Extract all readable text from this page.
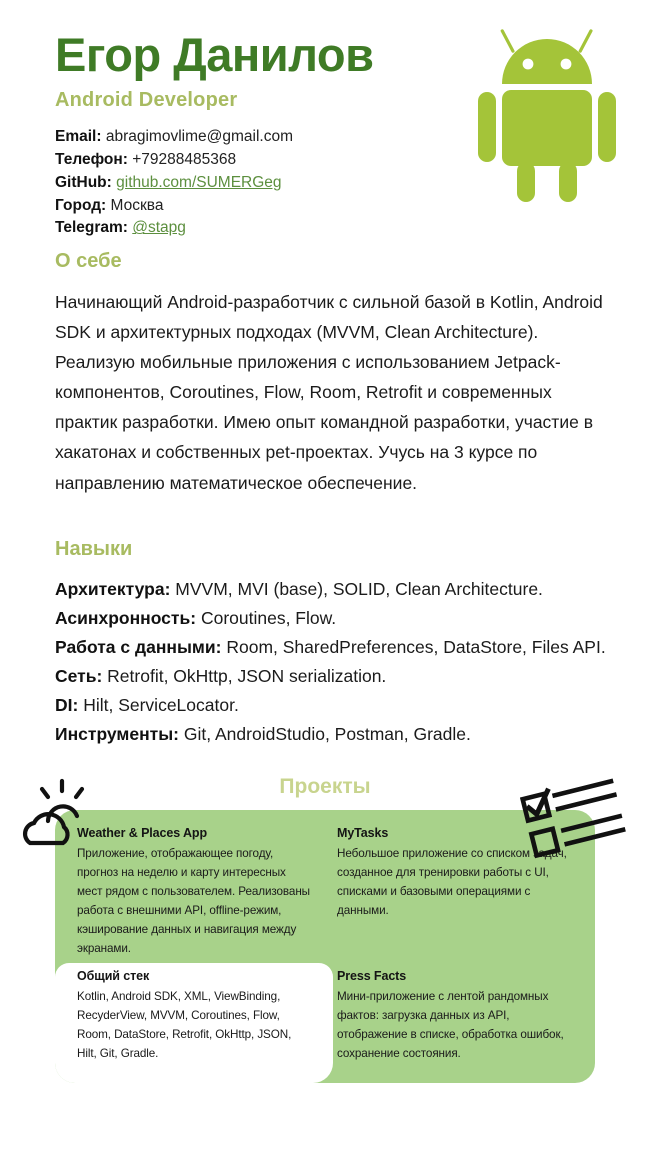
Егор Данилов
Android Developer
Email: abragimovlime@gmail.com
Телефон: +79288485368
GitHub: github.com/SUMERGeg
Город: Москва
Telegram: @stapg
О себе
Начинающий Android-разработчик с сильной базой в Kotlin, Android SDK и архитектурных подходах (MVVM, Clean Architecture). Реализую мобильные приложения с использованием Jetpack-компонентов, Coroutines, Flow, Room, Retrofit и современных практик разработки. Имею опыт командной разработки, участие в хакатонах и собственных pet-проектах. Учусь на 3 курсе по направлению математическое обеспечение.
Навыки
Архитектура: MVVM, MVI (base), SOLID, Clean Architecture.
Асинхронность: Coroutines, Flow.
Работа с данными: Room, SharedPreferences, DataStore, Files API.
Сеть: Retrofit, OkHttp, JSON serialization.
DI: Hilt, ServiceLocator.
Инструменты: Git, AndroidStudio, Postman, Gradle.
Проекты
Weather & Places App
Приложение, отображающее погоду, прогноз на неделю и карту интересных мест рядом с пользователем. Реализованы работа с внешними API, offline-режим, кэширование данных и навигация между экранами.
MyTasks
Небольшое приложение со списком задач, созданное для тренировки работы с UI, списками и базовыми операциями с данными.
Общий стек
Kotlin, Android SDK, XML, ViewBinding, RecyderView, MVVM, Coroutines, Flow, Room, DataStore, Retrofit, OkHttp, JSON, Hilt, Git, Gradle.
Press Facts
Мини-приложение с лентой рандомных фактов: загрузка данных из API, отображение в списке, обработка ошибок, сохранение состояния.
